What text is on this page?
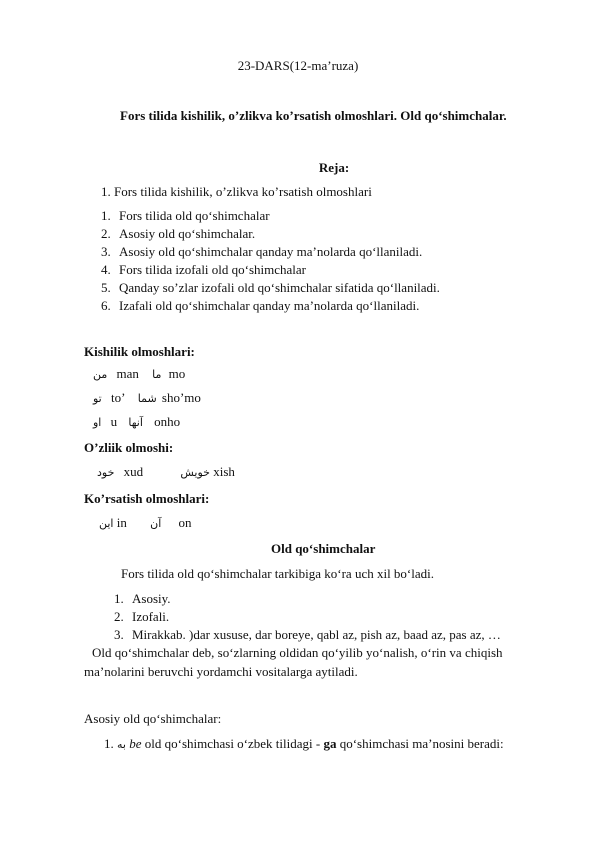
23-DARS(12-ma’ruza)
Fors tilida kishilik, o’zlikva ko’rsatish olmoshlari. Old qo‘shimchalar.
Reja:
1. Fors tilida kishilik, o’zlikva ko’rsatish olmoshlari
1. Fors tilida old qo‘shimchalar
2. Asosiy old qo‘shimchalar.
3. Asosiy old qo‘shimchalar qanday ma’nolarda qo‘llaniladi.
4. Fors tilida izofali old qo‘shimchalar
5. Qanday so’zlar izofali old qo‘shimchalar sifatida qo‘llaniladi.
6. Izafali old qo‘shimchalar qanday ma’nolarda qo‘llaniladi.
Kishilik olmoshlari:
من man ما mo
تو to’ شما sho’mo
او u آنها onho
O’zliik olmoshi:
خود xud	خویش xish
Ko’rsatish olmoshlari:
این in آن on
Old qo‘shimchalar
Fors tilida old qo‘shimchalar tarkibiga ko‘ra uch xil bo‘ladi.
1. Asosiy.
2. Izofali.
3. Mirakkab. )dar xususe, dar boreye, qabl az, pish az, baad az, pas az, …
Old qo‘shimchalar deb, so‘zlarning oldidan qo‘yilib yo‘nalish, o‘rin va chiqish ma’nolarini beruvchi yordamchi vositalarga aytiladi.
Asosiy old qo‘shimchalar:
1. به be old qo‘shimchasi o‘zbek tilidagi - ga qo‘shimchasi ma’nosini beradi:
